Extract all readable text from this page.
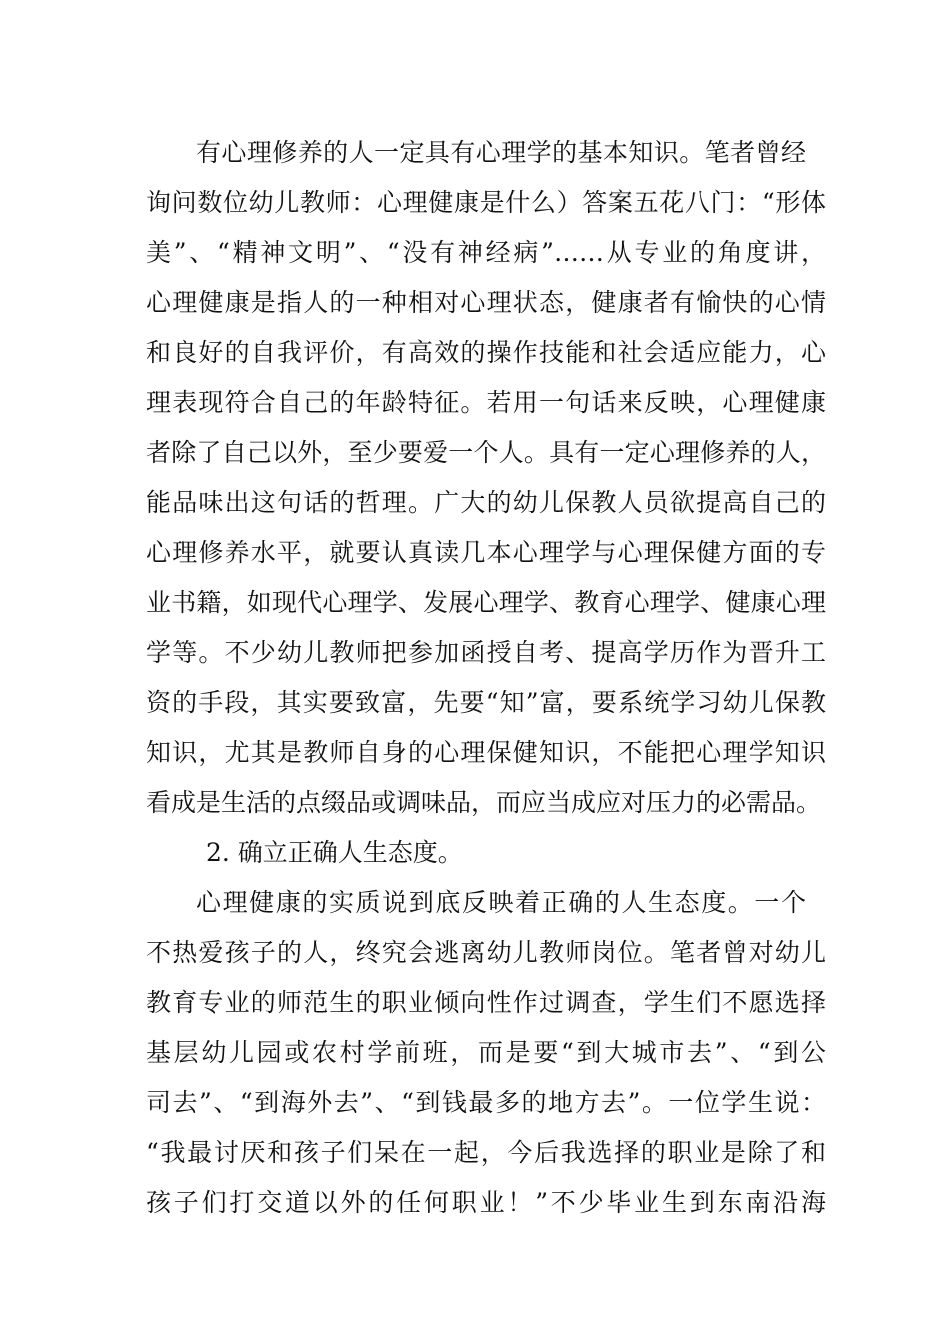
有心理修养的人一定具有心理学的基本知识。笔者曾经
询问数位幼儿教师：心理健康是什么）答案五花八门：“形体
美”、“精神文明”、“没有神经病”……从专业的角度讲，
心理健康是指人的一种相对心理状态，健康者有愉快的心情
和良好的自我评价，有高效的操作技能和社会适应能力，心
理表现符合自己的年龄特征。若用一句话来反映，心理健康
者除了自己以外，至少要爱一个人。具有一定心理修养的人，
能品味出这句话的哲理。广大的幼儿保教人员欲提高自己的
心理修养水平，就要认真读几本心理学与心理保健方面的专
业书籍，如现代心理学、发展心理学、教育心理学、健康心理
学等。不少幼儿教师把参加函授自考、提高学历作为晋升工
资的手段，其实要致富，先要“知”富，要系统学习幼儿保教
知识，尤其是教师自身的心理保健知识，不能把心理学知识
看成是生活的点缀品或调味品，而应当成应对压力的必需品。
2. 确立正确人生态度。
心理健康的实质说到底反映着正确的人生态度。一个
不热爱孩子的人，终究会逃离幼儿教师岗位。笔者曾对幼儿
教育专业的师范生的职业倾向性作过调查，学生们不愿选择
基层幼儿园或农村学前班，而是要“到大城市去”、“到公
司去”、“到海外去”、“到钱最多的地方去”。一位学生说：
“我最讨厌和孩子们呆在一起，今后我选择的职业是除了和
孩子们打交道以外的任何职业！”不少毕业生到东南沿海
